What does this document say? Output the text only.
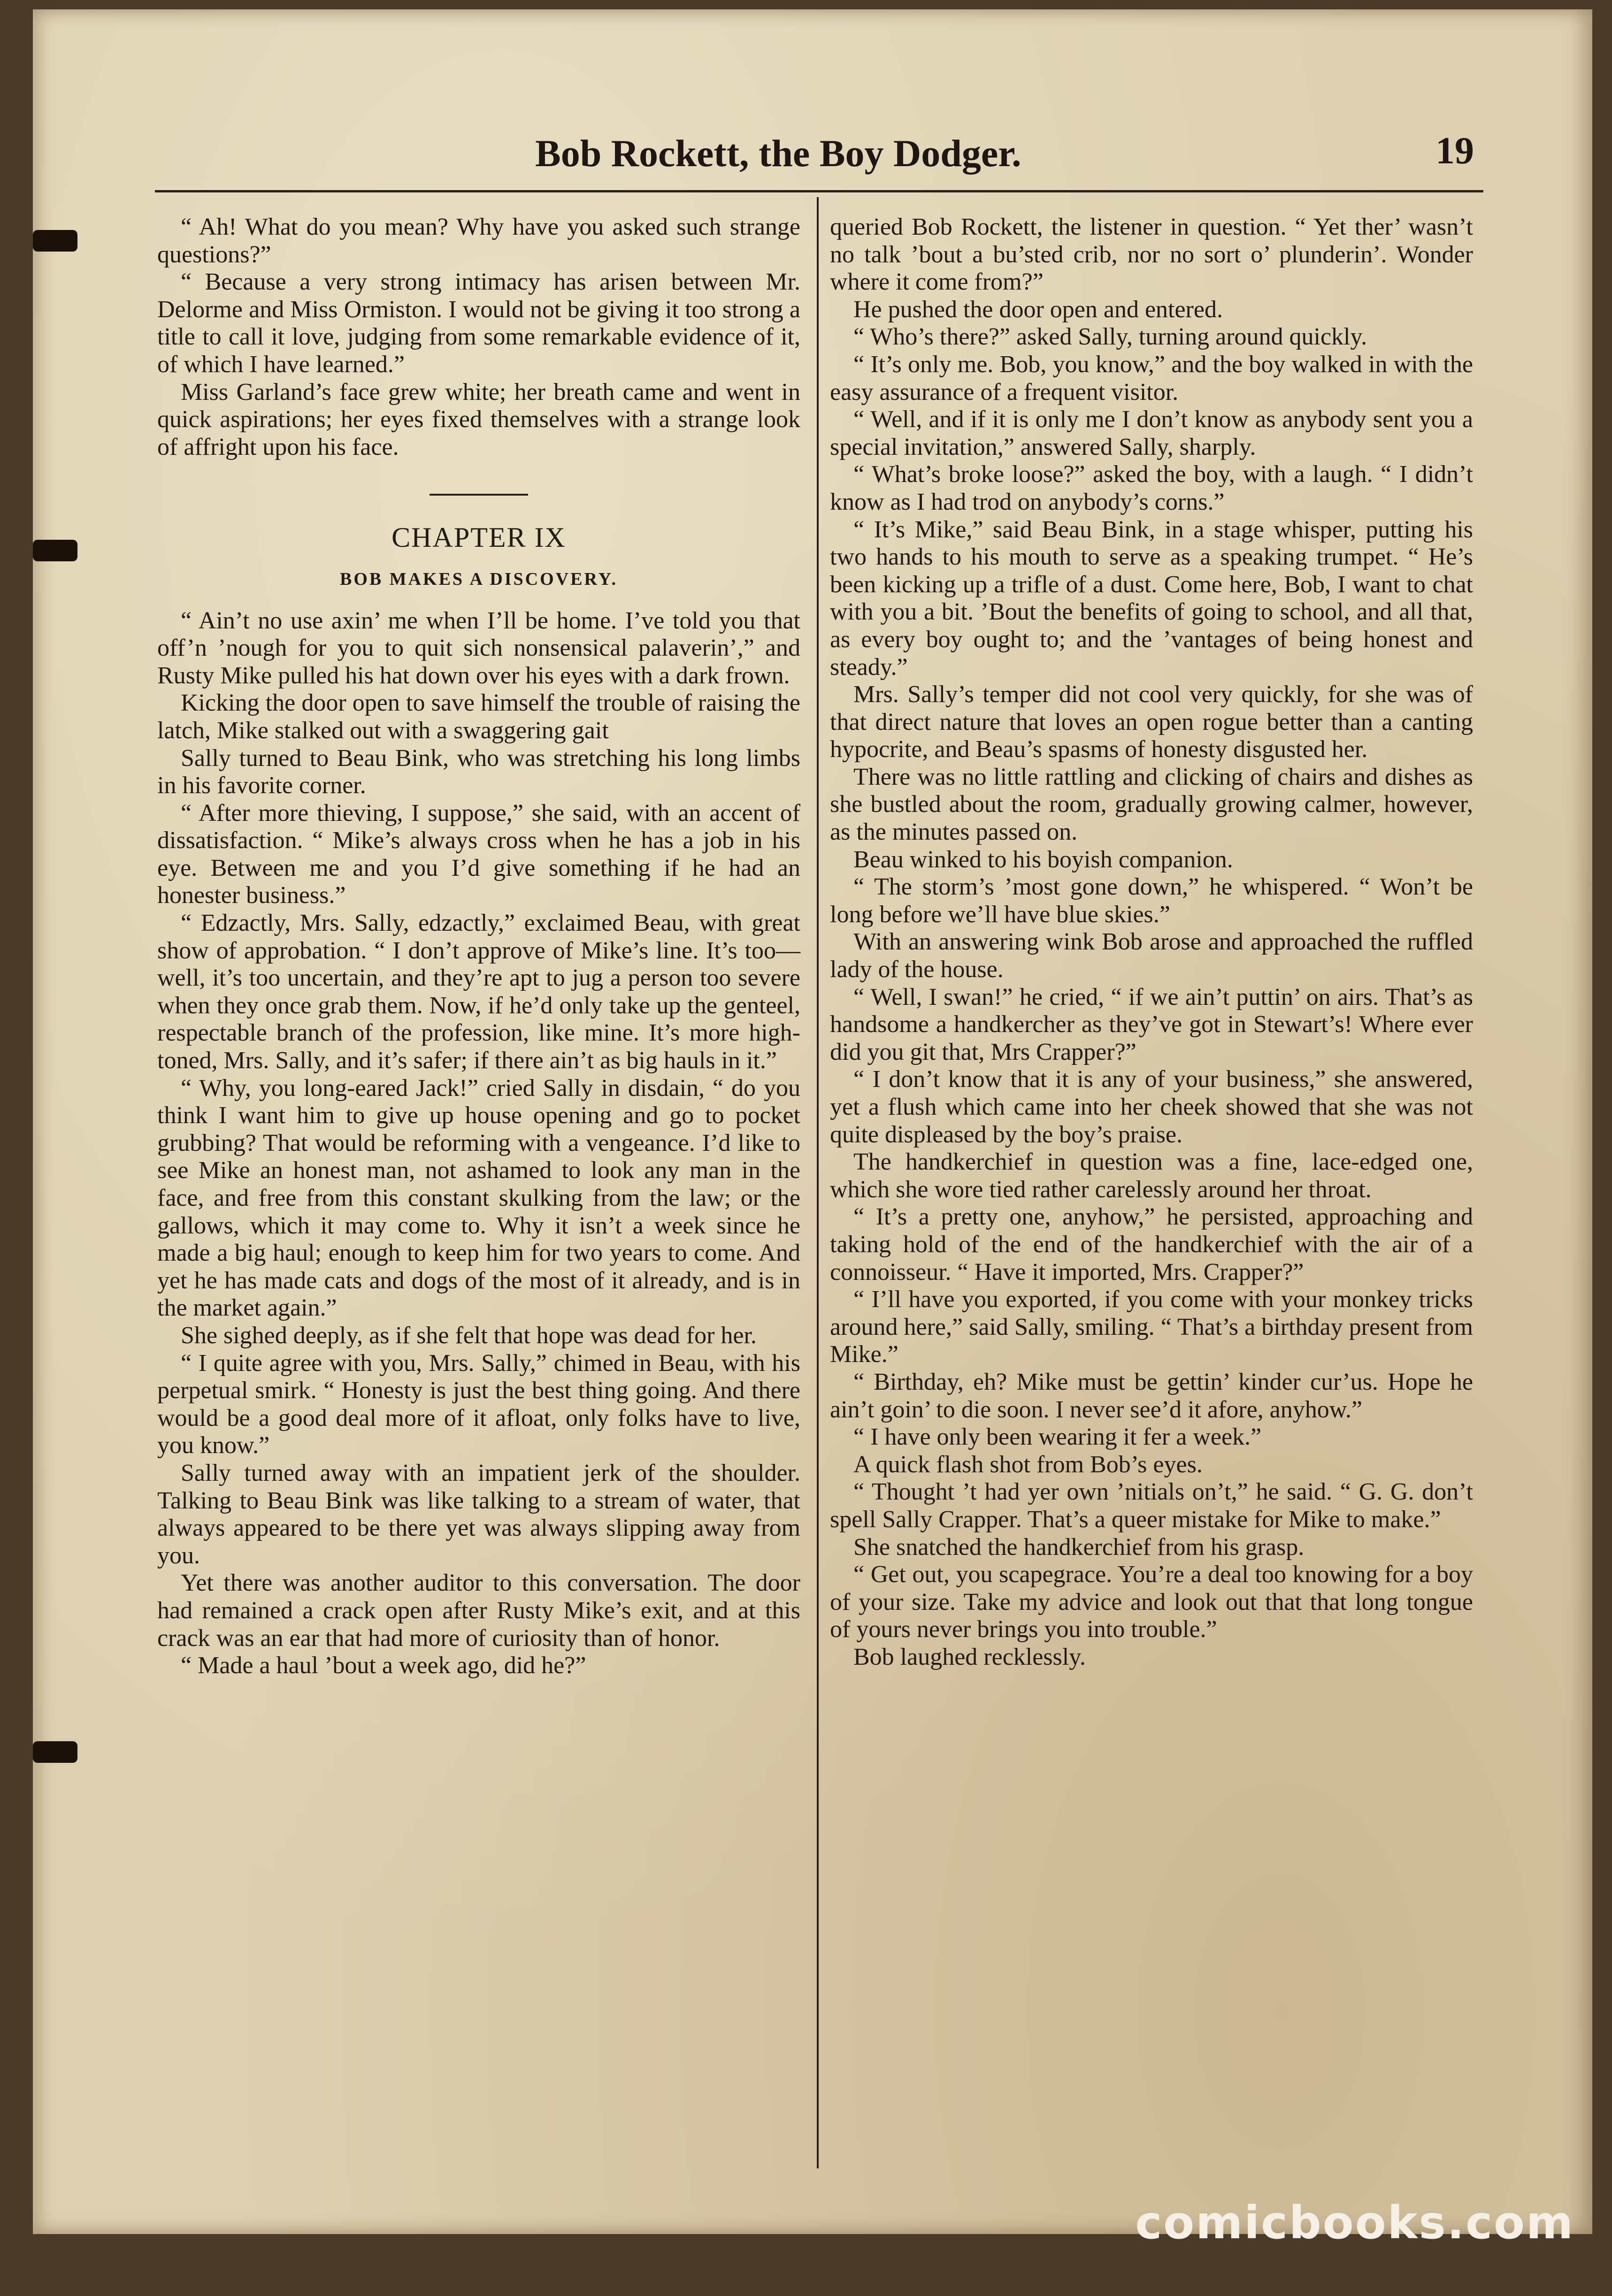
Bob Rockett, the Boy Dodger.	19

“ Ah! What do you mean? Why have you asked such strange questions?”

“ Because a very strong intimacy has arisen between Mr. Delorme and Miss Ormiston. I would not be giving it too strong a title to call it love, judging from some remarkable evidence of it, of which I have learned.”

Miss Garland’s face grew white; her breath came and went in quick aspirations; her eyes fixed themselves with a strange look of affright upon his face.

CHAPTER IX
BOB MAKES A DISCOVERY.

“ Ain’t no use axin’ me when I’ll be home. I’ve told you that off’n ’nough for you to quit sich nonsensical palaverin’,” and Rusty Mike pulled his hat down over his eyes with a dark frown.

Kicking the door open to save himself the trouble of raising the latch, Mike stalked out with a swaggering gait

Sally turned to Beau Bink, who was stretching his long limbs in his favorite corner.

“ After more thieving, I suppose,” she said, with an accent of dissatisfaction. “ Mike’s always cross when he has a job in his eye. Between me and you I’d give something if he had an honester business.”

“ Edzactly, Mrs. Sally, edzactly,” exclaimed Beau, with great show of approbation. “ I don’t approve of Mike’s line. It’s too—well, it’s too uncertain, and they’re apt to jug a person too severe when they once grab them. Now, if he’d only take up the genteel, respectable branch of the profession, like mine. It’s more high-toned, Mrs. Sally, and it’s safer; if there ain’t as big hauls in it.”

“ Why, you long-eared Jack!” cried Sally in disdain, “ do you think I want him to give up house opening and go to pocket grubbing? That would be reforming with a vengeance. I’d like to see Mike an honest man, not ashamed to look any man in the face, and free from this constant skulking from the law; or the gallows, which it may come to. Why it isn’t a week since he made a big haul; enough to keep him for two years to come. And yet he has made cats and dogs of the most of it already, and is in the market again.”

She sighed deeply, as if she felt that hope was dead for her.

“ I quite agree with you, Mrs. Sally,” chimed in Beau, with his perpetual smirk. “ Honesty is just the best thing going. And there would be a good deal more of it afloat, only folks have to live, you know.”

Sally turned away with an impatient jerk of the shoulder. Talking to Beau Bink was like talking to a stream of water, that always appeared to be there yet was always slipping away from you.

Yet there was another auditor to this conversation. The door had remained a crack open after Rusty Mike’s exit, and at this crack was an ear that had more of curiosity than of honor.

“ Made a haul ’bout a week ago, did he?”

queried Bob Rockett, the listener in question. “ Yet ther’ wasn’t no talk ’bout a bu’sted crib, nor no sort o’ plunderin’. Wonder where it come from?”

He pushed the door open and entered.

“ Who’s there?” asked Sally, turning around quickly.

“ It’s only me. Bob, you know,” and the boy walked in with the easy assurance of a frequent visitor.

“ Well, and if it is only me I don’t know as anybody sent you a special invitation,” answered Sally, sharply.

“ What’s broke loose?” asked the boy, with a laugh. “ I didn’t know as I had trod on anybody’s corns.”

“ It’s Mike,” said Beau Bink, in a stage whisper, putting his two hands to his mouth to serve as a speaking trumpet. “ He’s been kicking up a trifle of a dust. Come here, Bob, I want to chat with you a bit. ’Bout the benefits of going to school, and all that, as every boy ought to; and the ’vantages of being honest and steady.”

Mrs. Sally’s temper did not cool very quickly, for she was of that direct nature that loves an open rogue better than a canting hypocrite, and Beau’s spasms of honesty disgusted her.

There was no little rattling and clicking of chairs and dishes as she bustled about the room, gradually growing calmer, however, as the minutes passed on.

Beau winked to his boyish companion.

“ The storm’s ’most gone down,” he whispered. “ Won’t be long before we’ll have blue skies.”

With an answering wink Bob arose and approached the ruffled lady of the house.

“ Well, I swan!” he cried, “ if we ain’t puttin’ on airs. That’s as handsome a handkercher as they’ve got in Stewart’s! Where ever did you git that, Mrs Crapper?”

“ I don’t know that it is any of your business,” she answered, yet a flush which came into her cheek showed that she was not quite displeased by the boy’s praise.

The handkerchief in question was a fine, lace-edged one, which she wore tied rather carelessly around her throat.

“ It’s a pretty one, anyhow,” he persisted, approaching and taking hold of the end of the handkerchief with the air of a connoisseur. “ Have it imported, Mrs. Crapper?”

“ I’ll have you exported, if you come with your monkey tricks around here,” said Sally, smiling. “ That’s a birthday present from Mike.”

“ Birthday, eh? Mike must be gettin’ kinder cur’us. Hope he ain’t goin’ to die soon. I never see’d it afore, anyhow.”

“ I have only been wearing it fer a week.”

A quick flash shot from Bob’s eyes.

“ Thought ’t had yer own ’nitials on’t,” he said. “ G. G. don’t spell Sally Crapper. That’s a queer mistake for Mike to make.”

She snatched the handkerchief from his grasp.

“ Get out, you scapegrace. You’re a deal too knowing for a boy of your size. Take my advice and look out that that long tongue of yours never brings you into trouble.”

Bob laughed recklessly.

comicbooks.com
